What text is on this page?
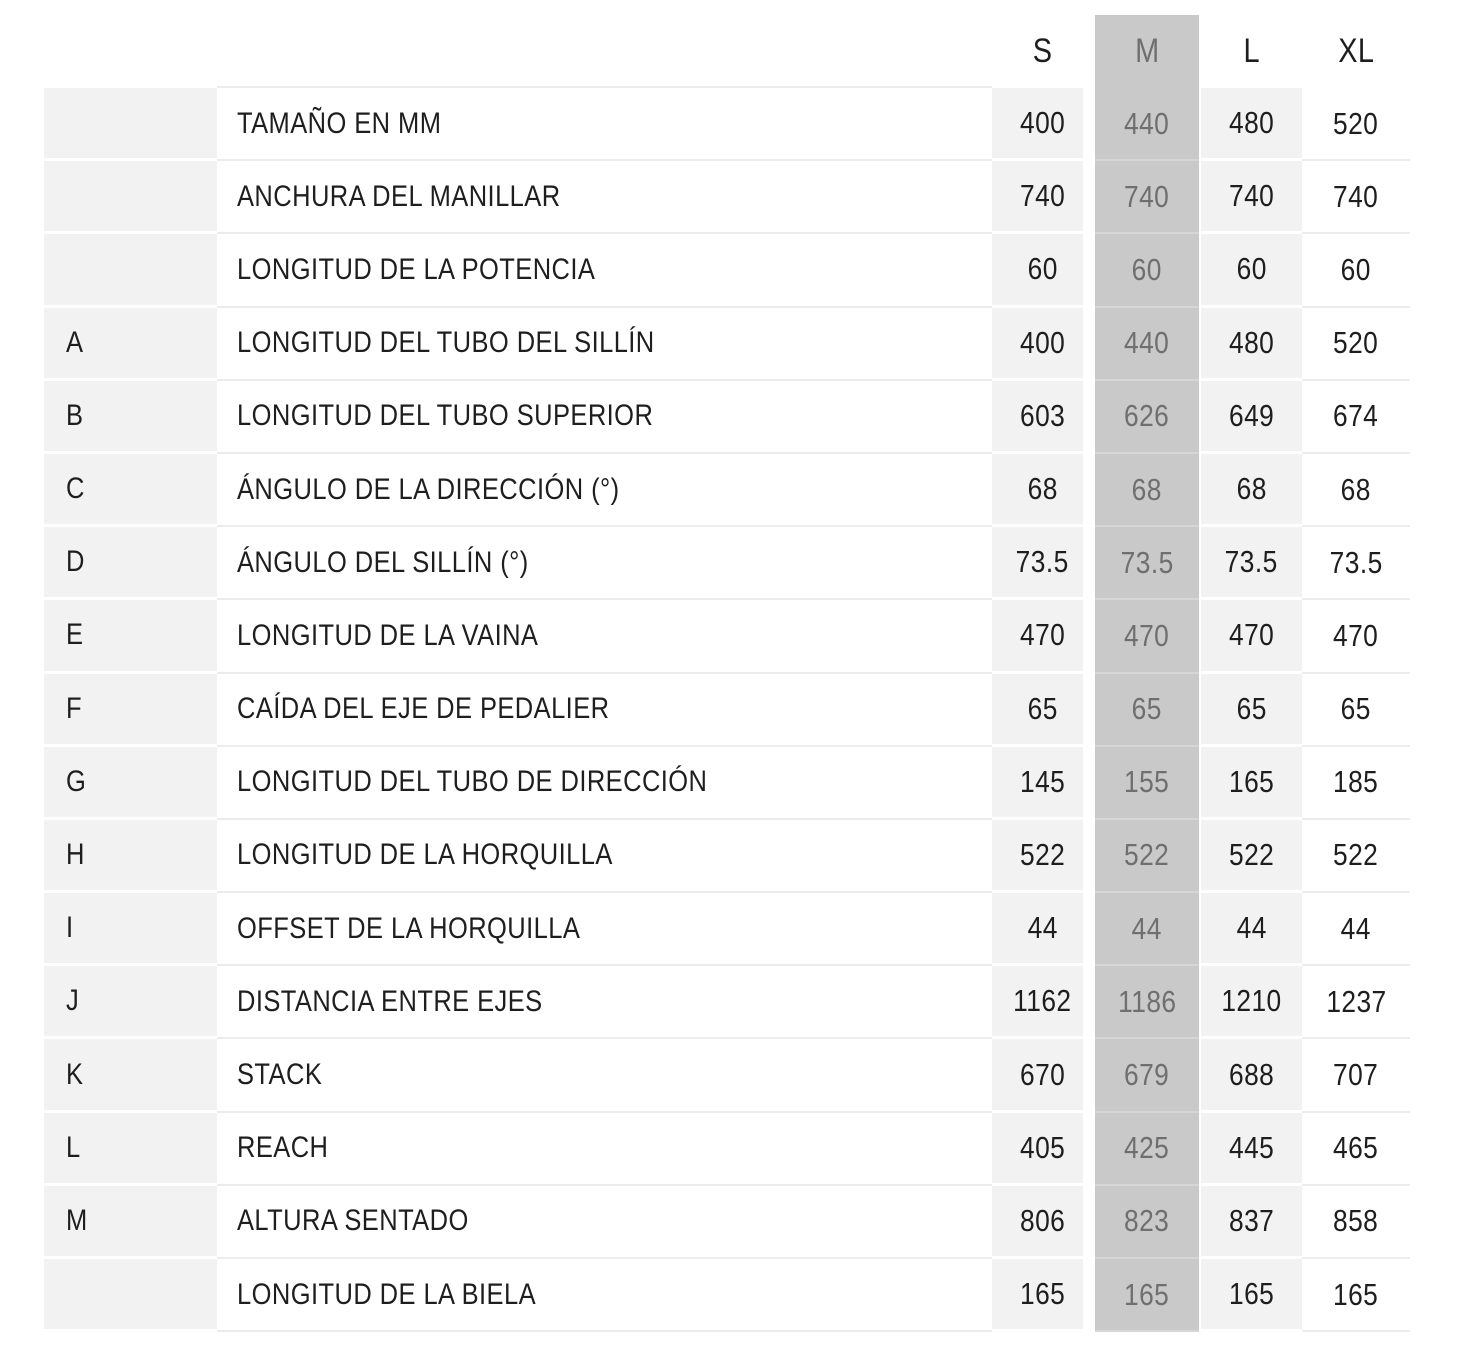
S	M	L	XL
TAMAÑO EN MM	400 440 480 520
ANCHURA DEL MANILLAR	740 740 740 740
LONGITUD DE LA POTENCIA	60 60 60 60
A	LONGITUD DEL TUBO DEL SILLÍN	400 440 480 520
B	LONGITUD DEL TUBO SUPERIOR	603 626 649 674
C	ÁNGULO DE LA DIRECCIÓN (°)	68 68 68 68
D	ÁNGULO DEL SILLÍN (°)	73.5 73.5 73.5 73.5
E	LONGITUD DE LA VAINA	470 470 470 470
F	CAÍDA DEL EJE DE PEDALIER	65 65 65 65
G	LONGITUD DEL TUBO DE DIRECCIÓN	145 155 165 185
H	LONGITUD DE LA HORQUILLA	522 522 522 522
I	OFFSET DE LA HORQUILLA	44 44 44 44
J	DISTANCIA ENTRE EJES	1162 1186 1210 1237
K	STACK	670 679 688 707
L	REACH	405 425 445 465
M	ALTURA SENTADO	806 823 837 858
LONGITUD DE LA BIELA	165 165 165 165
